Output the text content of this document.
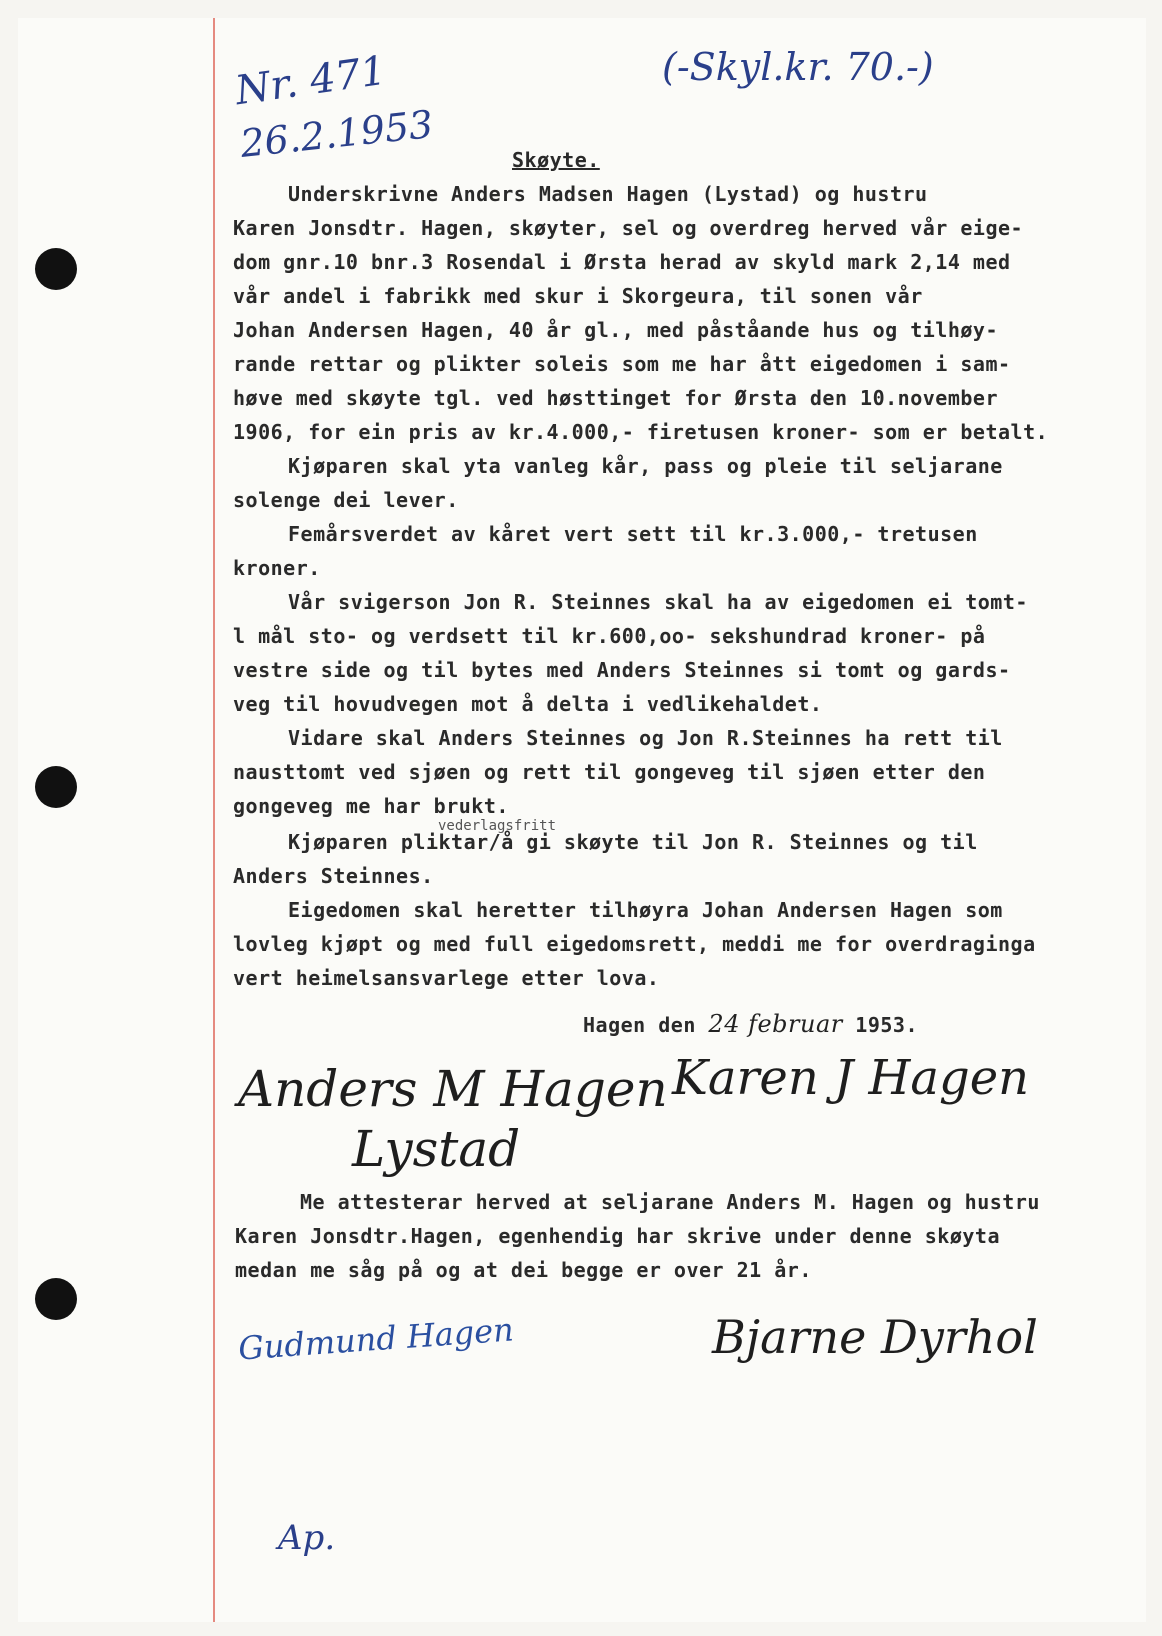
Nr. 471
26.2.1953
(-Skyl.kr. 70.-)
Skøyte.
Underskrivne Anders Madsen Hagen (Lystad) og hustru
Karen Jonsdtr. Hagen, skøyter, sel og overdreg herved vår eige-
dom gnr.10 bnr.3 Rosendal i Ørsta herad av skyld mark 2,14 med
vår andel i fabrikk med skur i Skorgeura, til sonen vår
Johan Andersen Hagen, 40 år gl., med påståande hus og tilhøy-
rande rettar og plikter soleis som me har ått eigedomen i sam-
høve med skøyte tgl. ved høsttinget for Ørsta den 10.november
1906, for ein pris av kr.4.000,- firetusen kroner- som er betalt.
Kjøparen skal yta vanleg kår, pass og pleie til seljarane
solenge dei lever.
Femårsverdet av kåret vert sett til kr.3.000,- tretusen
kroner.
Vår svigerson Jon R. Steinnes skal ha av eigedomen ei tomt-
l mål sto- og verdsett til kr.600,oo- sekshundrad kroner- på
vestre side og til bytes med Anders Steinnes si tomt og gards-
veg til hovudvegen mot å delta i vedlikehaldet.
Vidare skal Anders Steinnes og Jon R.Steinnes ha rett til
nausttomt ved sjøen og rett til gongeveg til sjøen etter den
gongeveg me har brukt.
vederlagsfritt
Kjøparen pliktar/å gi skøyte til Jon R. Steinnes og til
Anders Steinnes.
Eigedomen skal heretter tilhøyra Johan Andersen Hagen som
lovleg kjøpt og med full eigedomsrett, meddi me for overdraginga
vert heimelsansvarlege etter lova.
Hagen den 24 februar 1953.
Anders M Hagen
Lystad
Karen J Hagen
Me attesterar herved at seljarane Anders M. Hagen og hustru
Karen Jonsdtr.Hagen, egenhendig har skrive under denne skøyta
medan me såg på og at dei begge er over 21 år.
Gudmund Hagen	Bjarne Dyrhol
Ap.
